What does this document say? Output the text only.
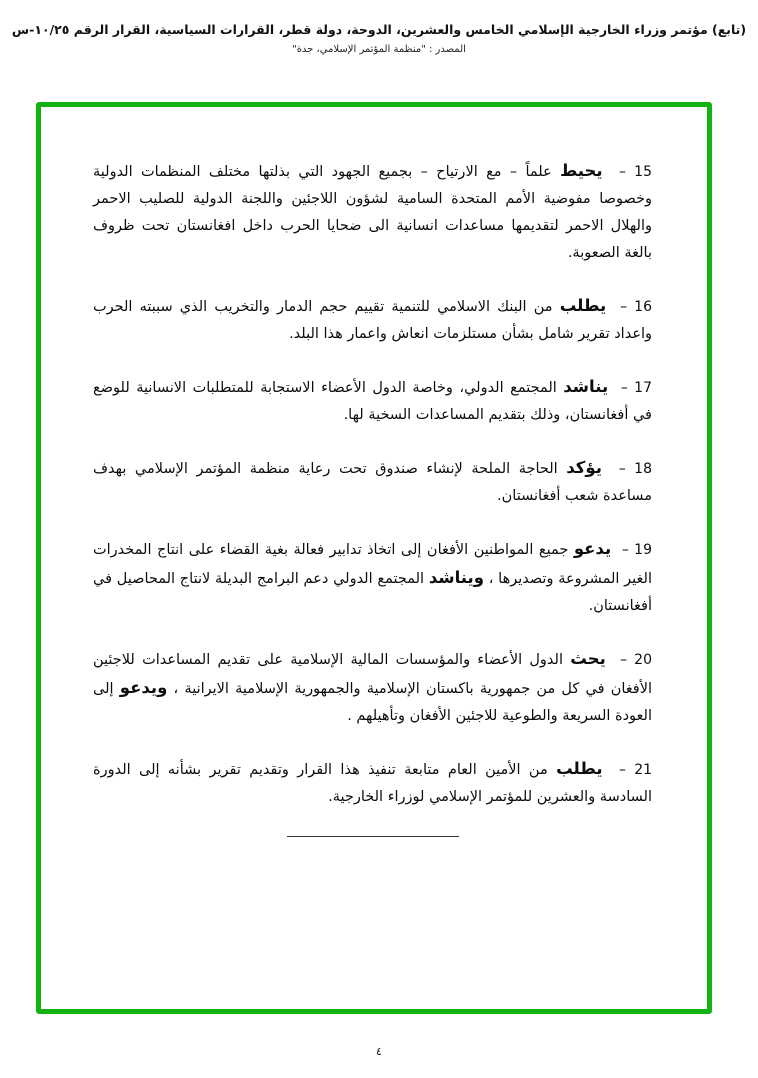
(تابع) مؤتمر وزراء الخارجية الإسلامي الخامس والعشرين، الدوحة، دولة قطر، القرارات السياسية، القرار الرقم ١٠/٢٥-س
المصدر : "منظمة المؤتمر الإسلامي، جدة"
15 –  يحيط علماً – مع الارتياح – بجميع الجهود التي بذلتها مختلف المنظمات الدولية وخصوصا مفوضية الأمم المتحدة السامية لشؤون اللاجئين واللجنة الدولية للصليب الاحمر والهلال الاحمر لتقديمها مساعدات انسانية الى ضحايا الحرب داخل افغانستان تحت ظروف بالغة الصعوبة.
16 –  يطلب من البنك الاسلامي للتنمية تقييم حجم الدمار والتخريب الذي سببته الحرب واعداد تقرير شامل بشأن مستلزمات انعاش واعمار هذا البلد.
17 –  يناشد المجتمع الدولي، وخاصة الدول الأعضاء الاستجابة للمتطلبات الانسانية للوضع في أفغانستان، وذلك بتقديم المساعدات السخية لها.
18 –  يؤكد الحاجة الملحة لإنشاء صندوق تحت رعاية منظمة المؤتمر الإسلامي بهدف مساعدة شعب أفغانستان.
19 –  يدعو جميع المواطنين الأفغان إلى اتخاذ تدابير فعالة بغية القضاء على انتاج المخدرات الغير المشروعة وتصديرها ، ويناشد المجتمع الدولي دعم البرامج البديلة لانتاج المحاصيل في أفغانستان.
20 –  يحث الدول الأعضاء والمؤسسات المالية الإسلامية على تقديم المساعدات للاجئين الأفغان في كل من جمهورية باكستان الإسلامية والجمهورية الإسلامية الايرانية ، ويدعو إلى العودة السريعة والطوعية للاجئين الأفغان وتأهيلهم .
21 –  يطلب من الأمين العام متابعة تنفيذ هذا القرار وتقديم تقرير بشأنه إلى الدورة السادسة والعشرين للمؤتمر الإسلامي لوزراء الخارجية.
٤
